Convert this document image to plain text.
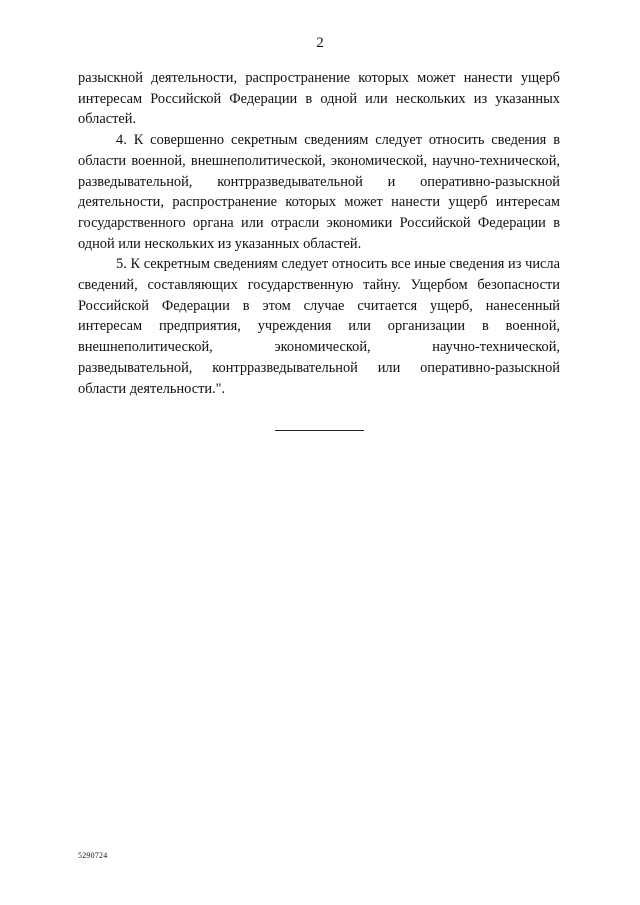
2

разыскной деятельности, распространение которых может нанести ущерб интересам Российской Федерации в одной или нескольких из указанных областей.

4. К совершенно секретным сведениям следует относить сведения в области военной, внешнеполитической, экономической, научно-технической, разведывательной, контрразведывательной и оперативно-разыскной деятельности, распространение которых может нанести ущерб интересам государственного органа или отрасли экономики Российской Федерации в одной или нескольких из указанных областей.

5. К секретным сведениям следует относить все иные сведения из числа сведений, составляющих государственную тайну. Ущербом безопасности Российской Федерации в этом случае считается ущерб, нанесенный интересам предприятия, учреждения или организации в военной, внешнеполитической, экономической, научно-технической, разведывательной, контрразведывательной или оперативно-разыскной области деятельности.".

5290724
